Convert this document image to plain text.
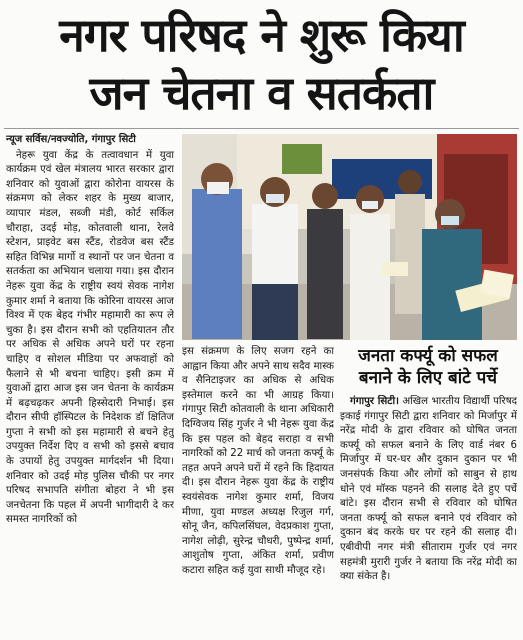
नगर परिषद ने शुरू किया
जन चेतना व सतर्कता
न्यूज सर्विस/नवज्योति, गंगापुर सिटी

नेहरू युवा केंद्र के तत्वावधान में युवा कार्यक्रम एवं खेल मंत्रालय भारत सरकार द्वारा शनिवार को युवाओं द्वारा कोरोना वायरस के संक्रमण को लेकर शहर के मुख्य बाजार, व्यापार मंडल, सब्जी मंडी, कोर्ट सर्किल चौराहा, उदई मोड़, कोतवाली थाना, रेलवे स्टेशन, प्राइवेट बस स्टैंड, रोडवेज बस स्टैंड सहित विभिन्न मार्गो व स्थानों पर जन चेतना व सतर्कता का अभियान चलाया गया। इस दौरान नेहरू युवा केंद्र के राष्ट्रीय स्वयं सेवक नागेश कुमार शर्मा ने बताया कि कोरिना वायरस आज विश्व में एक बेहद गंभीर महामारी का रूप ले चुका है। इस दौरान सभी को एहतियातन तौर पर अधिक से अधिक अपने घरों पर रहना चाहिए व सोशल मीडिया पर अफवाहों को फैलाने से भी बचना चाहिए। इसी क्रम में युवाओं द्वारा आज इस जन चेतना के कार्यक्रम में बढ़चढ़कर अपनी हिस्सेदारी निभाई। इस दौरान सीपी हॉस्पिटल के निदेशक डॉ क्षितिज गुप्ता ने सभी को इस महामारी से बचने हेतु उपयुक्त निर्देश दिए व सभी को इससे बचाव के उपायों हेतु उपयुक्त मार्गदर्शन भी दिया। शनिवार को उदई मोड़ पुलिस चौकी पर नगर परिषद सभापति संगीता बोहरा ने भी इस जनचेतना कि पहल में अपनी भागीदारी दे कर समस्त नागरिकों को

इस संक्रमण के लिए सजग रहने का आह्वान किया और अपने साथ सदैव मास्क व सैनिटाइजर का अधिक से अधिक इस्तेमाल करने का भी आग्रह किया। गंगापुर सिटी कोतवाली के थाना अधिकारी दिग्विजय सिंह गुर्जर ने भी नेहरू युवा केंद्र कि इस पहल को बेहद सराहा व सभी नागरिकों को 22 मार्च को जनता कर्फ्यू के तहत अपने अपने घरों में रहने कि हिदायत दी। इस दौरान नेहरू युवा केंद्र के राष्ट्रीय स्वयंसेवक नागेश कुमार शर्मा, विजय मीणा, युवा मण्डल अध्यक्ष रिजुल गर्ग, सोनू जैन, कपिलसिंघल, वेदप्रकाश गुप्ता, नागेश लोढ़ी, सुरेन्द्र चौधरी, पुष्पेन्द्र शर्मा, आशुतोष गुप्ता, अंकित शर्मा, प्रवीण कटारा सहित कई युवा साथी मौजूद रहे।

जनता कर्फ्यू को सफल बनाने के लिए बांटे पर्चे

गंगापुर सिटी। अखिल भारतीय विद्यार्थी परिषद इकाई गंगापुर सिटी द्वारा शनिवार को मिर्जापुर में नरेंद्र मोदी के द्वारा रविवार को घोषित जनता कर्फ्यू को सफल बनाने के लिए वार्ड नंबर 6 मिर्जापुर में घर-घर और दुकान दुकान पर भी जनसंपर्क किया और लोगों को साबुन से हाथ धोने एवं मॉस्क पहनने की सलाह देते हुए पर्चे बांटे। इस दौरान सभी से रविवार को घोषित जनता कर्फ्यू को सफल बनाने एवं रविवार को दुकान बंद करके घर पर रहने की सलाह दी। एबीवीपी नगर मंत्री सीताराम गुर्जर एवं नगर सहमंत्री मुरारी गुर्जर ने बताया कि नरेंद्र मोदी का क्या संकेत है।
